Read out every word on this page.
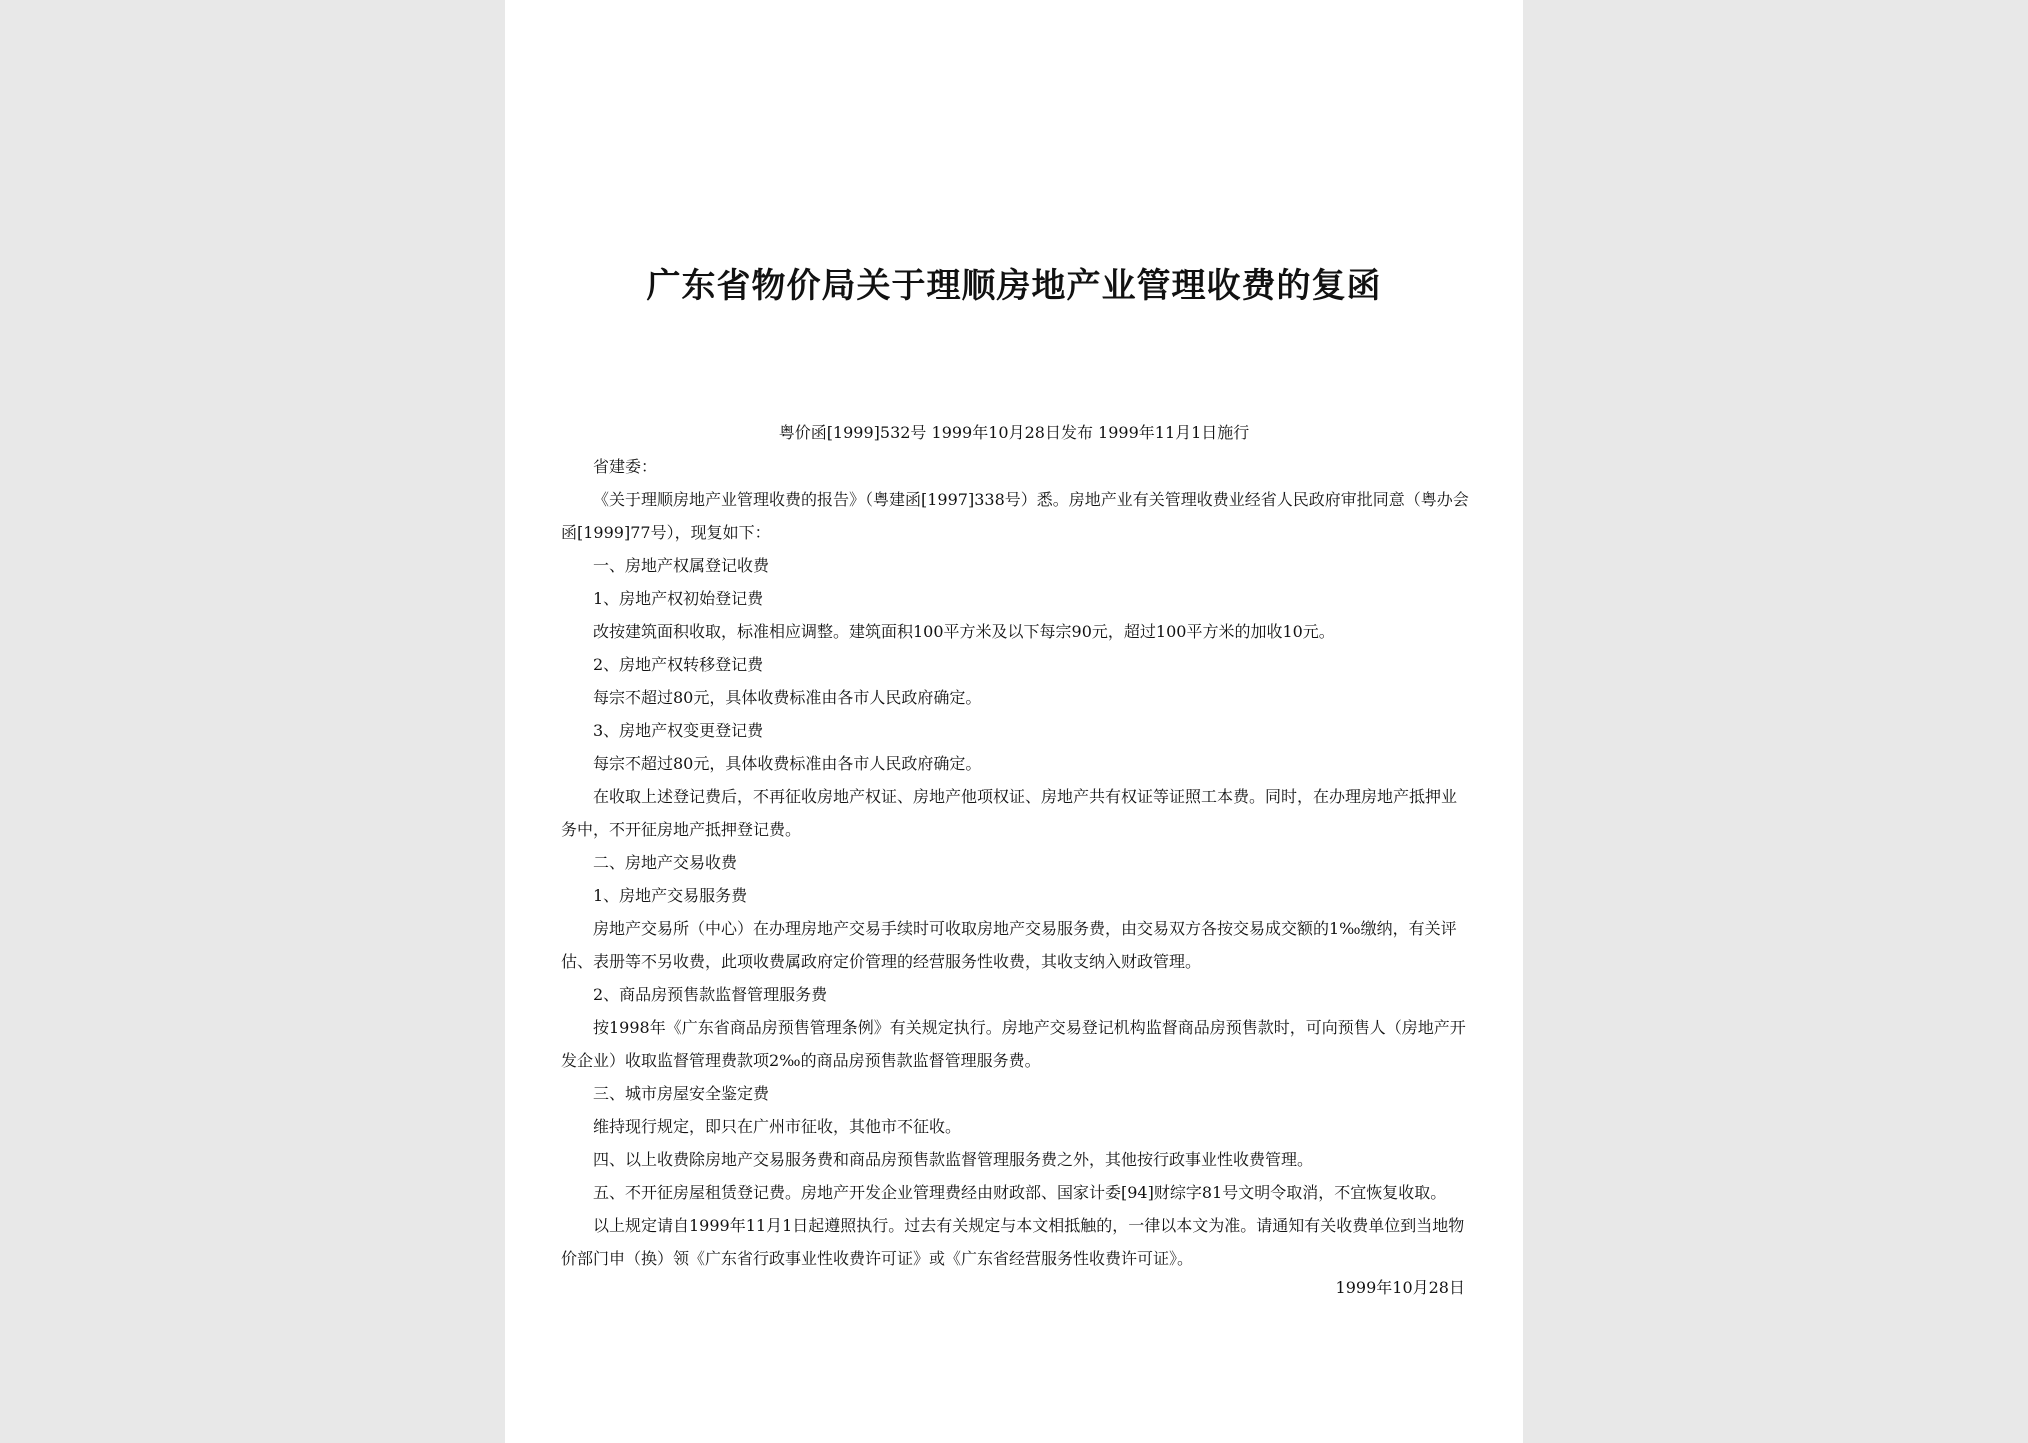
广东省物价局关于理顺房地产业管理收费的复函
粤价函[1999]532号 1999年10月28日发布 1999年11月1日施行

省建委：

《关于理顺房地产业管理收费的报告》（粤建函[1997]338号）悉。房地产业有关管理收费业经省人民政府审批同意（粤办会函[1999]77号），现复如下：

一、房地产权属登记收费

1、房地产权初始登记费

改按建筑面积收取，标准相应调整。建筑面积100平方米及以下每宗90元，超过100平方米的加收10元。

2、房地产权转移登记费

每宗不超过80元，具体收费标准由各市人民政府确定。

3、房地产权变更登记费

每宗不超过80元，具体收费标准由各市人民政府确定。

在收取上述登记费后，不再征收房地产权证、房地产他项权证、房地产共有权证等证照工本费。同时，在办理房地产抵押业务中，不开征房地产抵押登记费。

二、房地产交易收费

1、房地产交易服务费

房地产交易所（中心）在办理房地产交易手续时可收取房地产交易服务费，由交易双方各按交易成交额的1‰缴纳，有关评估、表册等不另收费，此项收费属政府定价管理的经营服务性收费，其收支纳入财政管理。

2、商品房预售款监督管理服务费

按1998年《广东省商品房预售管理条例》有关规定执行。房地产交易登记机构监督商品房预售款时，可向预售人（房地产开发企业）收取监督管理费款项2‰的商品房预售款监督管理服务费。

三、城市房屋安全鉴定费

维持现行规定，即只在广州市征收，其他市不征收。

四、以上收费除房地产交易服务费和商品房预售款监督管理服务费之外，其他按行政事业性收费管理。

五、不开征房屋租赁登记费。房地产开发企业管理费经由财政部、国家计委[94]财综字81号文明令取消，不宜恢复收取。

以上规定请自1999年11月1日起遵照执行。过去有关规定与本文相抵触的，一律以本文为准。请通知有关收费单位到当地物价部门申（换）领《广东省行政事业性收费许可证》或《广东省经营服务性收费许可证》。

1999年10月28日
